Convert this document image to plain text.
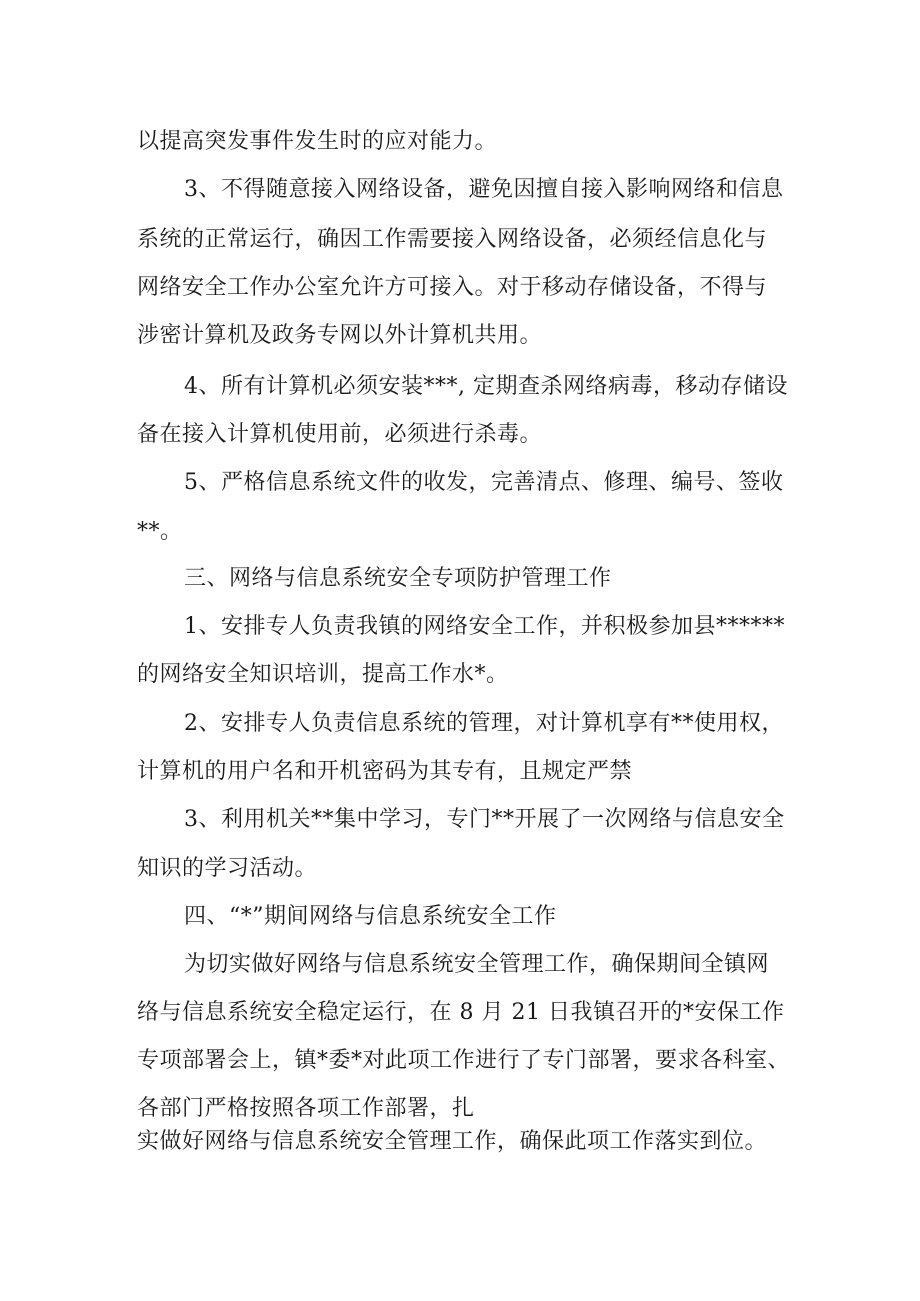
以提高突发事件发生时的应对能力。
3、不得随意接入网络设备，避免因擅自接入影响网络和信息
系统的正常运行，确因工作需要接入网络设备，必须经信息化与
网络安全工作办公室允许方可接入。对于移动存储设备，不得与
涉密计算机及政务专网以外计算机共用。
4、所有计算机必须安装***, 定期查杀网络病毒，移动存储设
备在接入计算机使用前，必须进行杀毒。
5、严格信息系统文件的收发，完善清点、修理、编号、签收
**。
三、网络与信息系统安全专项防护管理工作
1、安排专人负责我镇的网络安全工作，并积极参加县******
的网络安全知识培训，提高工作水*。
2、安排专人负责信息系统的管理，对计算机享有**使用权，
计算机的用户名和开机密码为其专有，且规定严禁
3、利用机关**集中学习，专门**开展了一次网络与信息安全
知识的学习活动。
四、“*”期间网络与信息系统安全工作
为切实做好网络与信息系统安全管理工作，确保期间全镇网
络与信息系统安全稳定运行，在 8 月 21 日我镇召开的*安保工作
专项部署会上，镇*委*对此项工作进行了专门部署，要求各科室、
各部门严格按照各项工作部署，扎
实做好网络与信息系统安全管理工作，确保此项工作落实到位。
